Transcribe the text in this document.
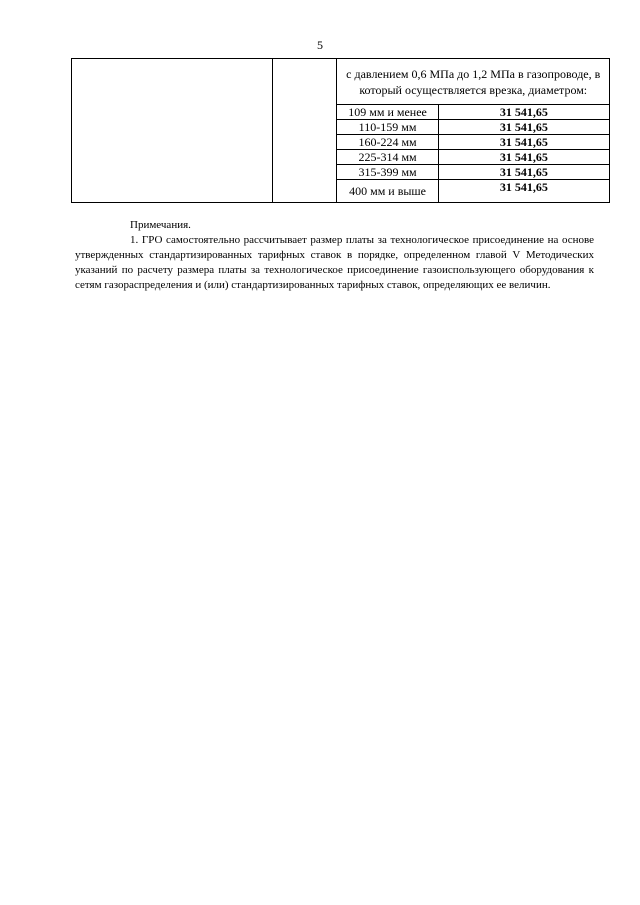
5
		с давлением 0,6 МПа до 1,2 МПа в газопроводе, в который осуществляется врезка, диаметром:	
		109 мм и менее	31 541,65
		110-159 мм	31 541,65
		160-224 мм	31 541,65
		225-314 мм	31 541,65
		315-399 мм	31 541,65
		400 мм и выше	31 541,65

Примечания.

1. ГРО самостоятельно рассчитывает размер платы за технологическое присоединение на основе утвержденных стандартизированных тарифных ставок в порядке, определенном главой V Методических указаний по расчету размера платы за технологическое присоединение газоиспользующего оборудования к сетям газораспределения и (или) стандартизированных тарифных ставок, определяющих ее величин.
